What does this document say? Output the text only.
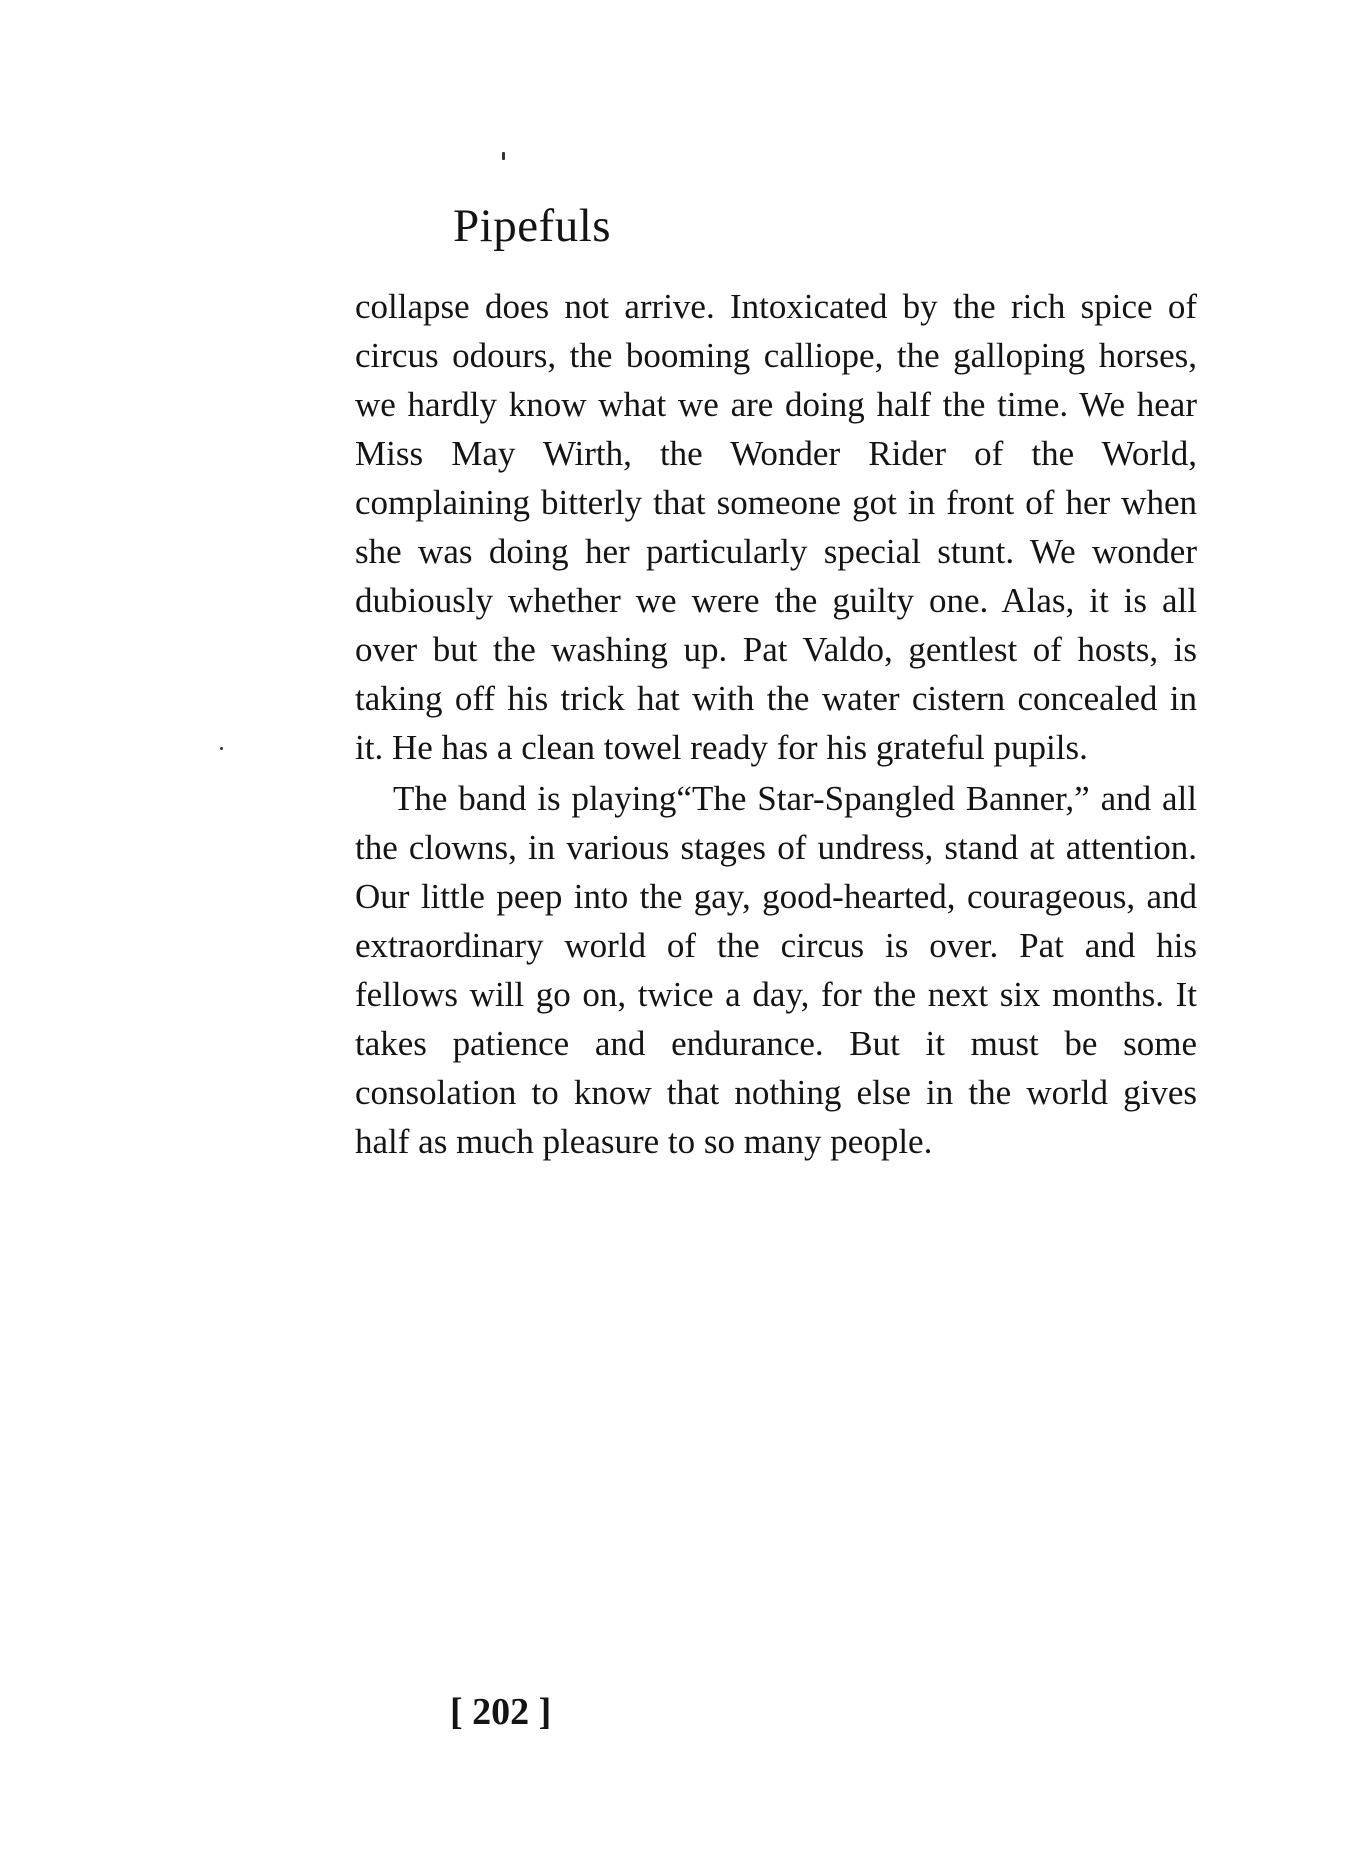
Pipefuls

collapse does not arrive. Intoxicated by the rich spice of circus odours, the booming calliope, the galloping horses, we hardly know what we are doing half the time. We hear Miss May Wirth, the Wonder Rider of the World, complaining bitterly that someone got in front of her when she was doing her particularly special stunt. We wonder dubiously whether we were the guilty one. Alas, it is all over but the washing up. Pat Valdo, gentlest of hosts, is taking off his trick hat with the water cistern concealed in it. He has a clean towel ready for his grateful pupils.

The band is playing“The Star-Spangled Banner,” and all the clowns, in various stages of undress, stand at attention. Our little peep into the gay, good-hearted, courageous, and extraordinary world of the circus is over. Pat and his fellows will go on, twice a day, for the next six months. It takes patience and endurance. But it must be some consolation to know that nothing else in the world gives half as much pleasure to so many people.

[ 202 ]
